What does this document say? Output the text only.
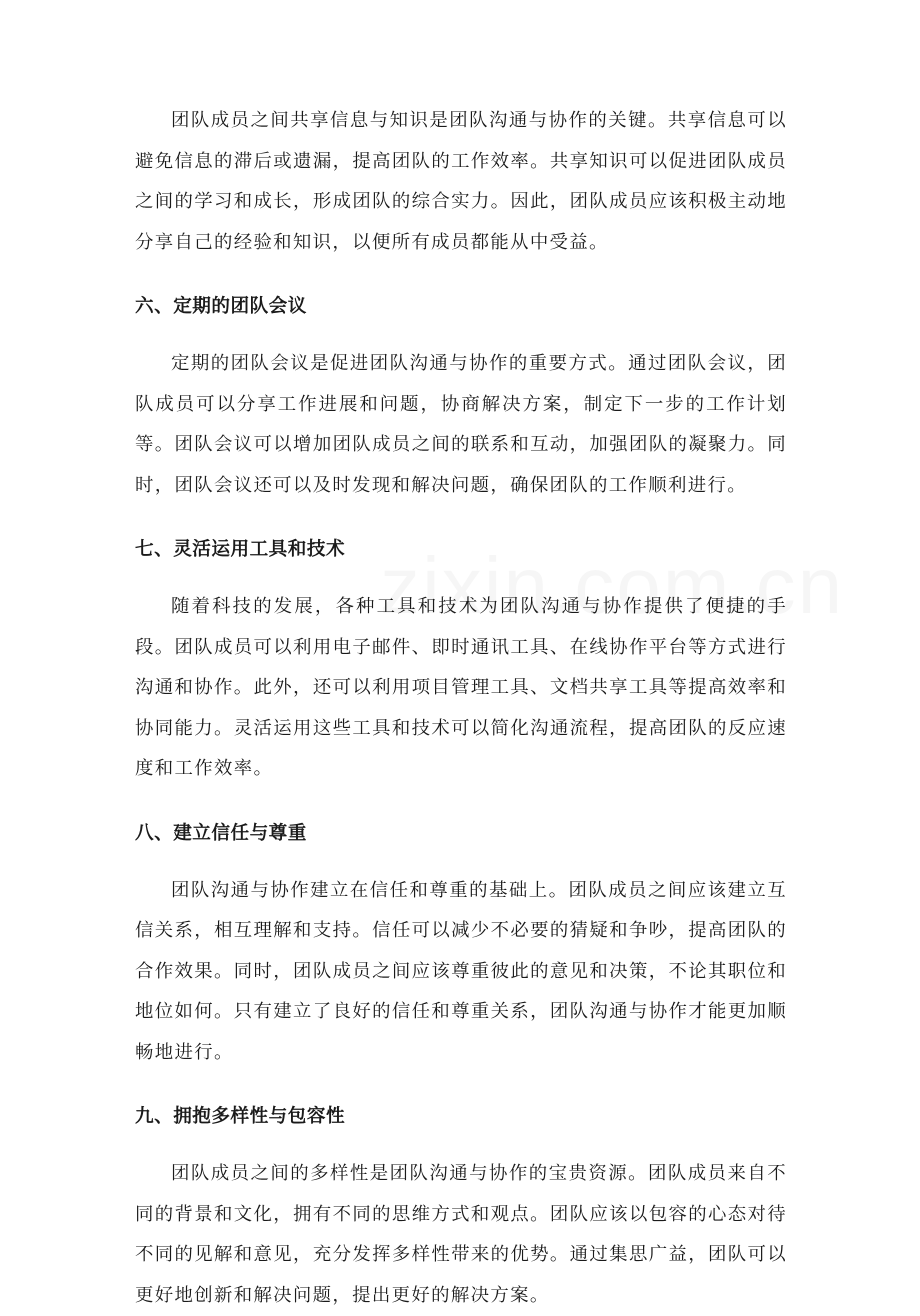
团队成员之间共享信息与知识是团队沟通与协作的关键。共享信息可以避免信息的滞后或遗漏，提高团队的工作效率。共享知识可以促进团队成员之间的学习和成长，形成团队的综合实力。因此，团队成员应该积极主动地分享自己的经验和知识，以便所有成员都能从中受益。

六、定期的团队会议

定期的团队会议是促进团队沟通与协作的重要方式。通过团队会议，团队成员可以分享工作进展和问题，协商解决方案，制定下一步的工作计划等。团队会议可以增加团队成员之间的联系和互动，加强团队的凝聚力。同时，团队会议还可以及时发现和解决问题，确保团队的工作顺利进行。

七、灵活运用工具和技术

随着科技的发展，各种工具和技术为团队沟通与协作提供了便捷的手段。团队成员可以利用电子邮件、即时通讯工具、在线协作平台等方式进行沟通和协作。此外，还可以利用项目管理工具、文档共享工具等提高效率和协同能力。灵活运用这些工具和技术可以简化沟通流程，提高团队的反应速度和工作效率。

八、建立信任与尊重

团队沟通与协作建立在信任和尊重的基础上。团队成员之间应该建立互信关系，相互理解和支持。信任可以减少不必要的猜疑和争吵，提高团队的合作效果。同时，团队成员之间应该尊重彼此的意见和决策，不论其职位和地位如何。只有建立了良好的信任和尊重关系，团队沟通与协作才能更加顺畅地进行。

九、拥抱多样性与包容性

团队成员之间的多样性是团队沟通与协作的宝贵资源。团队成员来自不同的背景和文化，拥有不同的思维方式和观点。团队应该以包容的心态对待不同的见解和意见，充分发挥多样性带来的优势。通过集思广益，团队可以更好地创新和解决问题，提出更好的解决方案。
